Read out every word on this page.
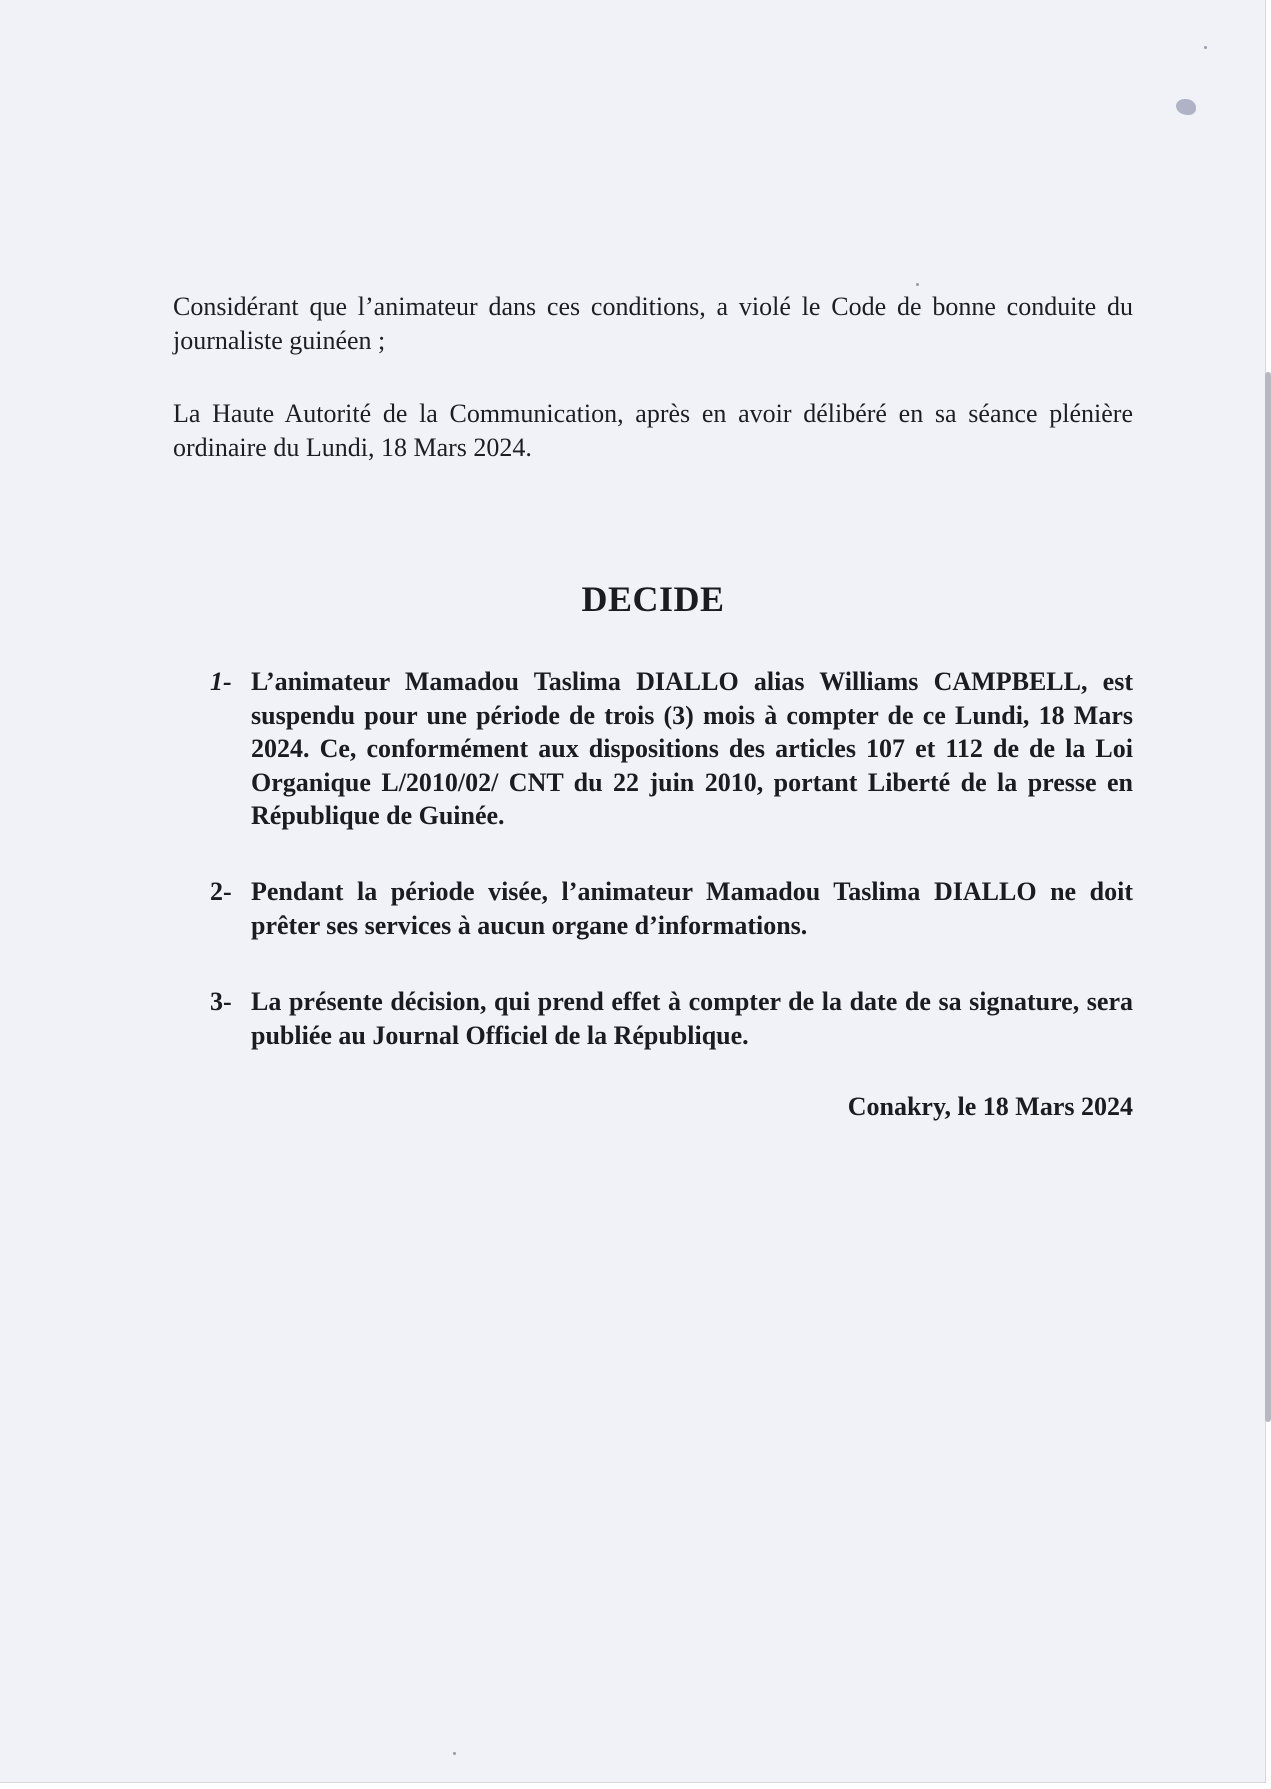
Considérant que l’animateur dans ces conditions, a violé le Code de bonne conduite du journaliste guinéen ;

La Haute Autorité de la Communication, après en avoir délibéré en sa séance plénière ordinaire du Lundi, 18 Mars 2024.

DECIDE
1- L’animateur Mamadou Taslima DIALLO alias Williams CAMPBELL, est suspendu pour une période de trois (3) mois à compter de ce Lundi, 18 Mars 2024. Ce, conformément aux dispositions des articles 107 et 112 de de la Loi Organique L/2010/02/ CNT du 22 juin 2010, portant Liberté de la presse en République de Guinée.
2- Pendant la période visée, l’animateur Mamadou Taslima DIALLO ne doit prêter ses services à aucun organe d’informations.
3- La présente décision, qui prend effet à compter de la date de sa signature, sera publiée au Journal Officiel de la République.
Conakry, le 18 Mars 2024
